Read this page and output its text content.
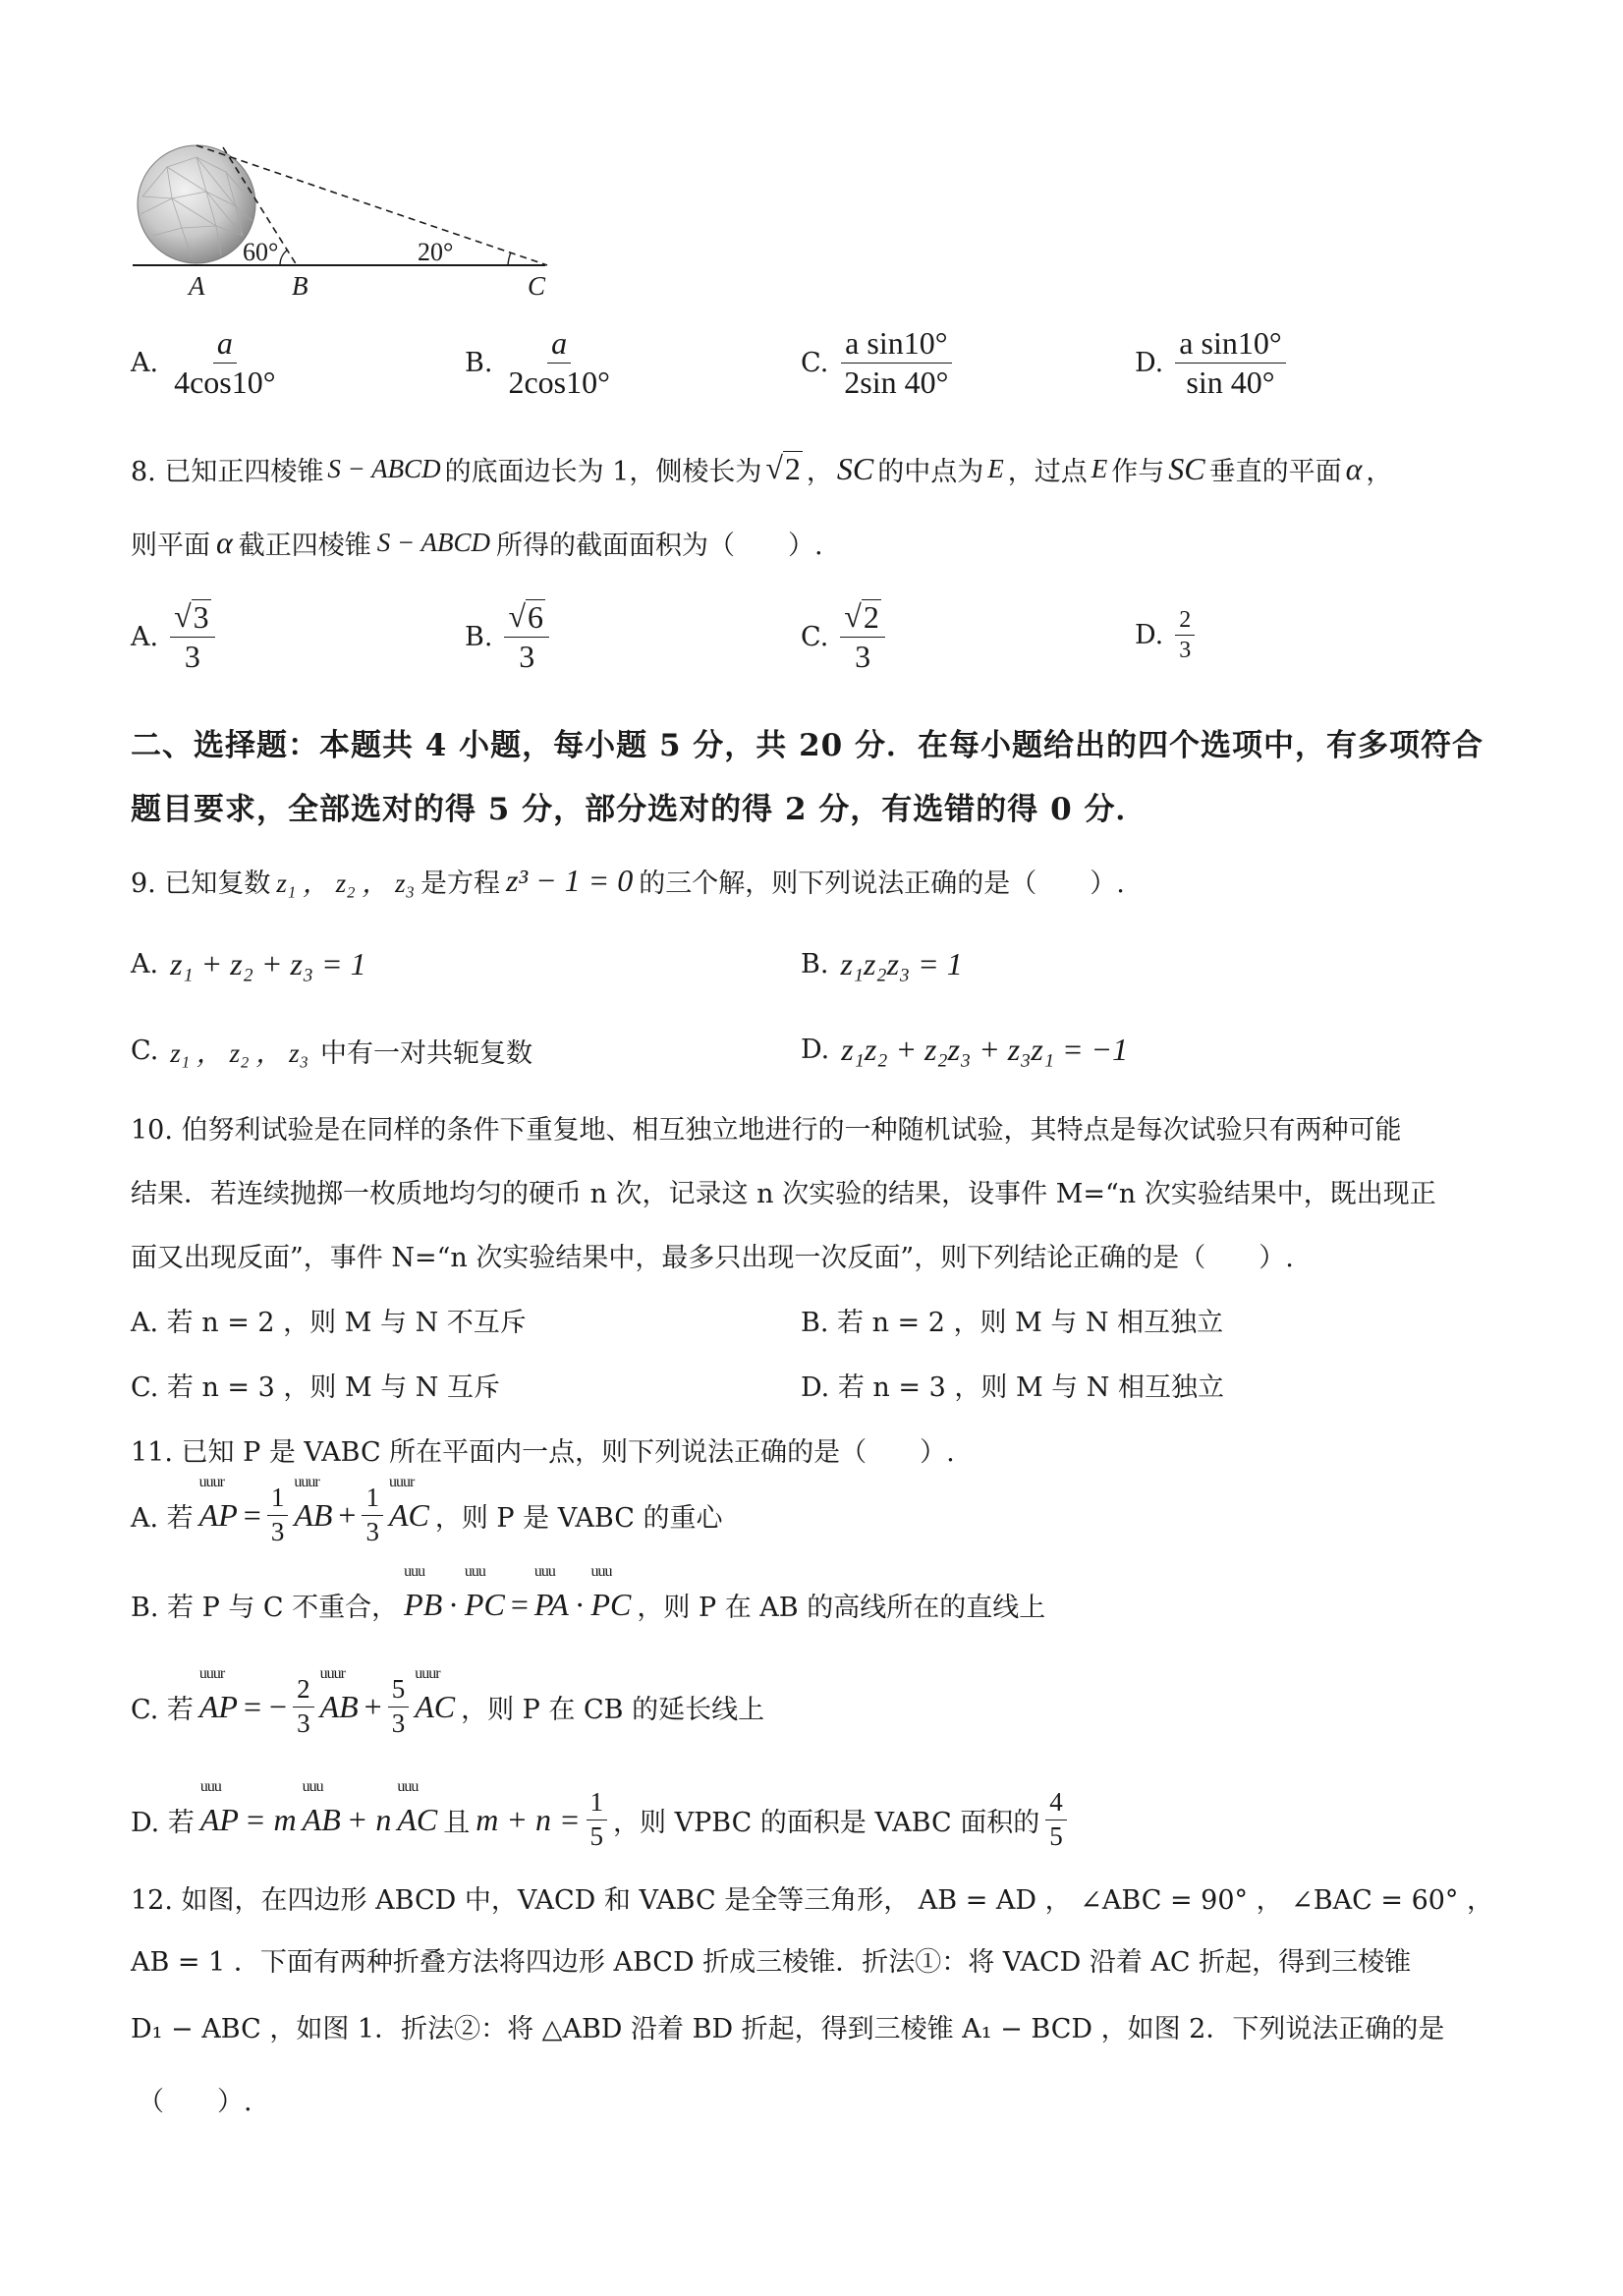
60°	20°
A	B	C
A. $\frac{a}{4\cos 10^\circ}$	B. $\frac{a}{2\cos 10^\circ}$	C. $\frac{\text{a sin10°}}{2\sin 40^\circ}$	D. $\frac{\text{a sin10°}}{\sin 40^\circ}$
8. 已知正四棱锥 S − ABCD 的底面边长为 1，侧棱长为 √ 2 ， SC 的中点为 E ，过点 E 作与 SC 垂直的平面 α ，
则平面 α 截正四棱锥 S − ABCD 所得的截面面积为（　　）.
A. $\frac{√ 3}{3}$	B. $\frac{√ 6}{3}$	C. $\frac{√ 2}{3}$	D. $\frac{2}{3}$
二、选择题：本题共 4 小题，每小题 5 分，共 20 分．在每小题给出的四个选项中，有多项符合
题目要求，全部选对的得 5 分，部分选对的得 2 分，有选错的得 0 分．
9. 已知复数 z₁ ， z₂ ， z₃ 是方程 z³ − 1 = 0 的三个解，则下列说法正确的是（　　）.
A. z₁ + z₂ + z₃ = 1	B. z₁z₂z₃ = 1
C. z₁ ， z₂ ， z₃ 中有一对共轭复数	D. z₁z₂ + z₂z₃ + z₃z₁ = −1
10. 伯努利试验是在同样的条件下重复地、相互独立地进行的一种随机试验，其特点是每次试验只有两种可能
结果．若连续抛掷一枚质地均匀的硬币 n 次，记录这 n 次实验的结果，设事件 M=“n 次实验结果中，既出现正
面又出现反面”，事件 N=“n 次实验结果中，最多只出现一次反面”，则下列结论正确的是（　　）.
A. 若 n = 2 ，则 M 与 N 不互斥	B. 若 n = 2 ，则 M 与 N 相互独立
C. 若 n = 3 ，则 M 与 N 互斥	D. 若 n = 3 ，则 M 与 N 相互独立
11. 已知 P 是 VABC 所在平面内一点，则下列说法正确的是（　　）.
A. 若
uuur
AP = $\frac{1}{3}$
uuur
AB + $\frac{1}{3}$
uuur
AC ，则 P 是 VABC 的重心
B. 若 P 与 C 不重合，
uuu
PB ·
uuu
PC =
uuu
PA ·
uuu
PC ，则 P 在 AB 的高线所在的直线上
C. 若
uuur
AP = − $\frac{2}{3}$
uuur
AB + $\frac{5}{3}$
uuur
AC ，则 P 在 CB 的延长线上
D. 若
uuu
AP = m
uuu
AB + n
uuu
AC 且 $m + n = \frac{1}{5}$ ，则 VPBC 的面积是 VABC 面积的 $\frac{4}{5}$
12. 如图，在四边形 ABCD 中，VACD 和 VABC 是全等三角形， AB = AD ， ∠ABC = 90° ， ∠BAC = 60° ，
AB = 1 ．下面有两种折叠方法将四边形 ABCD 折成三棱锥．折法①：将 VACD 沿着 AC 折起，得到三棱锥
D₁ − ABC ，如图 1．折法②：将 △ABD 沿着 BD 折起，得到三棱锥 A₁ − BCD ，如图 2．下列说法正确的是
（　　）.
